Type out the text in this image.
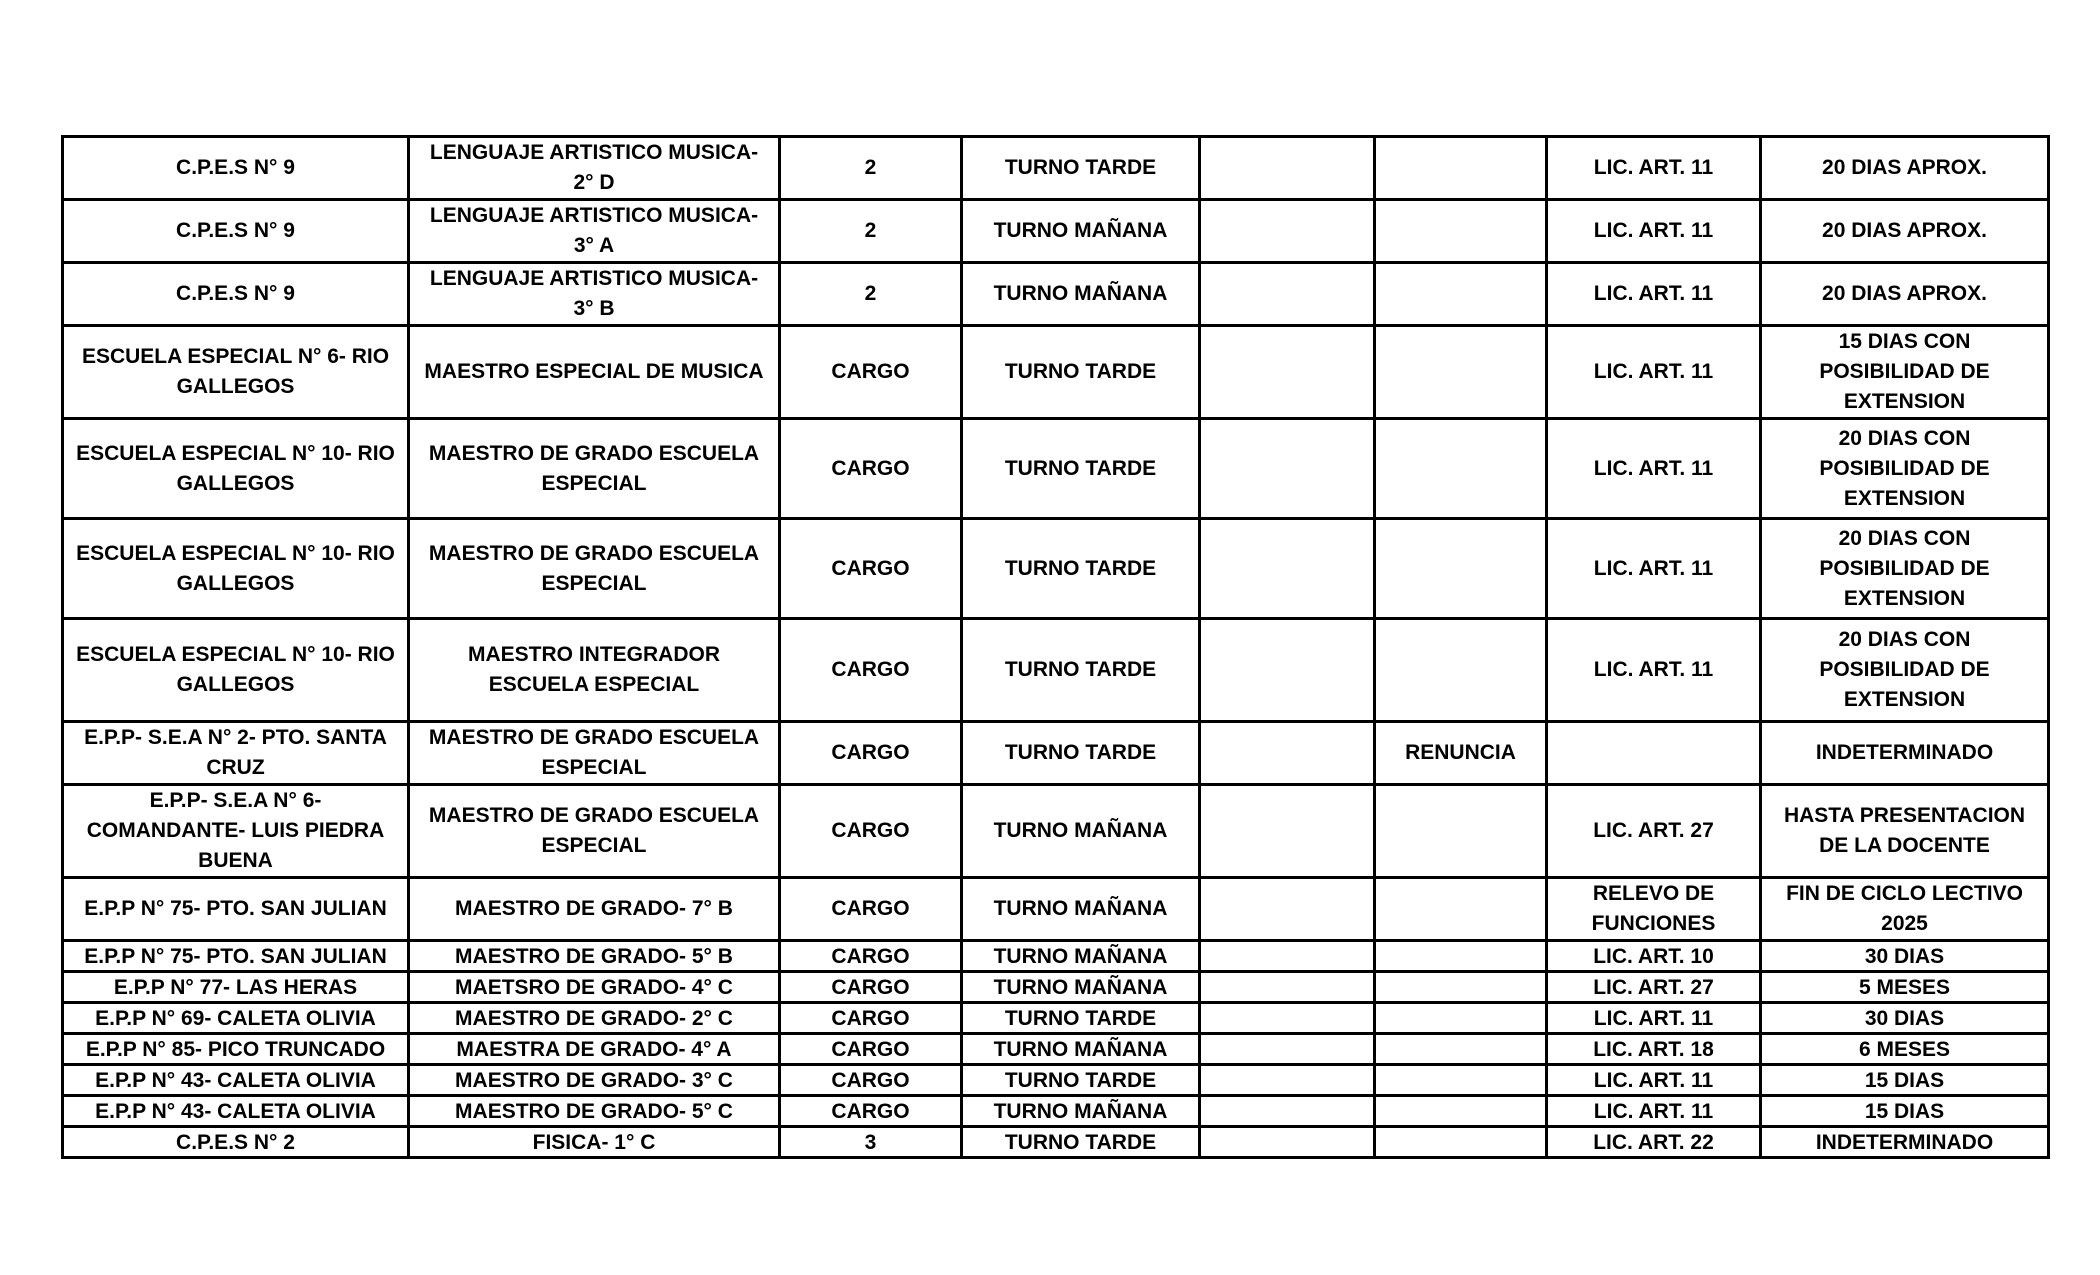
C.P.E.S N° 9	LENGUAJE ARTISTICO MUSICA- 2° D	2	TURNO TARDE			LIC. ART. 11	20 DIAS APROX.
C.P.E.S N° 9	LENGUAJE ARTISTICO MUSICA- 3° A	2	TURNO MAÑANA			LIC. ART. 11	20 DIAS APROX.
C.P.E.S N° 9	LENGUAJE ARTISTICO MUSICA- 3° B	2	TURNO MAÑANA			LIC. ART. 11	20 DIAS APROX.
ESCUELA ESPECIAL N° 6- RIO GALLEGOS	MAESTRO ESPECIAL DE MUSICA	CARGO	TURNO TARDE			LIC. ART. 11	15 DIAS CON POSIBILIDAD DE EXTENSION
ESCUELA ESPECIAL N° 10- RIO GALLEGOS	MAESTRO DE GRADO ESCUELA ESPECIAL	CARGO	TURNO TARDE			LIC. ART. 11	20 DIAS CON POSIBILIDAD DE EXTENSION
ESCUELA ESPECIAL N° 10- RIO GALLEGOS	MAESTRO DE GRADO ESCUELA ESPECIAL	CARGO	TURNO TARDE			LIC. ART. 11	20 DIAS CON POSIBILIDAD DE EXTENSION
ESCUELA ESPECIAL N° 10- RIO GALLEGOS	MAESTRO INTEGRADOR ESCUELA ESPECIAL	CARGO	TURNO TARDE			LIC. ART. 11	20 DIAS CON POSIBILIDAD DE EXTENSION
E.P.P- S.E.A N° 2- PTO. SANTA CRUZ	MAESTRO DE GRADO ESCUELA ESPECIAL	CARGO	TURNO TARDE		RENUNCIA		INDETERMINADO
E.P.P- S.E.A N° 6- COMANDANTE- LUIS PIEDRA BUENA	MAESTRO DE GRADO ESCUELA ESPECIAL	CARGO	TURNO MAÑANA			LIC. ART. 27	HASTA PRESENTACION DE LA DOCENTE
E.P.P N° 75- PTO. SAN JULIAN	MAESTRO DE GRADO- 7° B	CARGO	TURNO MAÑANA			RELEVO DE FUNCIONES	FIN DE CICLO LECTIVO 2025
E.P.P N° 75- PTO. SAN JULIAN	MAESTRO DE GRADO- 5° B	CARGO	TURNO MAÑANA			LIC. ART. 10	30 DIAS
E.P.P N° 77- LAS HERAS	MAETSRO DE GRADO- 4° C	CARGO	TURNO MAÑANA			LIC. ART. 27	5 MESES
E.P.P N° 69- CALETA OLIVIA	MAESTRO DE GRADO- 2° C	CARGO	TURNO TARDE			LIC. ART. 11	30 DIAS
E.P.P N° 85- PICO TRUNCADO	MAESTRA DE GRADO- 4° A	CARGO	TURNO MAÑANA			LIC. ART. 18	6 MESES
E.P.P N° 43- CALETA OLIVIA	MAESTRO DE GRADO- 3° C	CARGO	TURNO TARDE			LIC. ART. 11	15 DIAS
E.P.P N° 43- CALETA OLIVIA	MAESTRO DE GRADO- 5° C	CARGO	TURNO MAÑANA			LIC. ART. 11	15 DIAS
C.P.E.S N° 2	FISICA- 1° C	3	TURNO TARDE			LIC. ART. 22	INDETERMINADO
